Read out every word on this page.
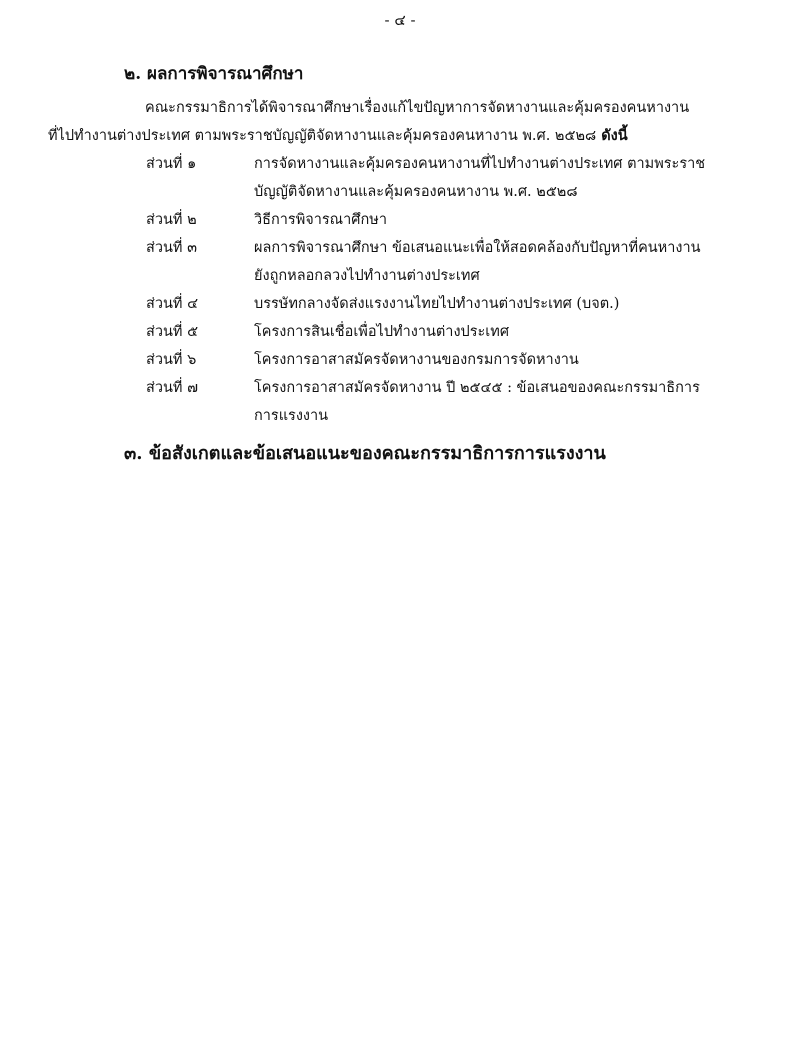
- ๔ -
๒. ผลการพิจารณาศึกษา
คณะกรรมาธิการได้พิจารณาศึกษาเรื่องแก้ไขปัญหาการจัดหางานและคุ้มครองคนหางาน
ที่ไปทำงานต่างประเทศ ตามพระราชบัญญัติจัดหางานและคุ้มครองคนหางาน พ.ศ. ๒๕๒๘ ดังนี้
ส่วนที่ ๑	การจัดหางานและคุ้มครองคนหางานที่ไปทำงานต่างประเทศ ตามพระราช
บัญญัติจัดหางานและคุ้มครองคนหางาน พ.ศ. ๒๕๒๘
ส่วนที่ ๒	วิธีการพิจารณาศึกษา
ส่วนที่ ๓	ผลการพิจารณาศึกษา ข้อเสนอแนะเพื่อให้สอดคล้องกับปัญหาที่คนหางาน
ยังถูกหลอกลวงไปทำงานต่างประเทศ
ส่วนที่ ๔	บรรษัทกลางจัดส่งแรงงานไทยไปทำงานต่างประเทศ (บจต.)
ส่วนที่ ๕	โครงการสินเชื่อเพื่อไปทำงานต่างประเทศ
ส่วนที่ ๖	โครงการอาสาสมัครจัดหางานของกรมการจัดหางาน
ส่วนที่ ๗	โครงการอาสาสมัครจัดหางาน ปี ๒๕๔๕ : ข้อเสนอของคณะกรรมาธิการ
การแรงงาน
๓. ข้อสังเกตและข้อเสนอแนะของคณะกรรมาธิการการแรงงาน
